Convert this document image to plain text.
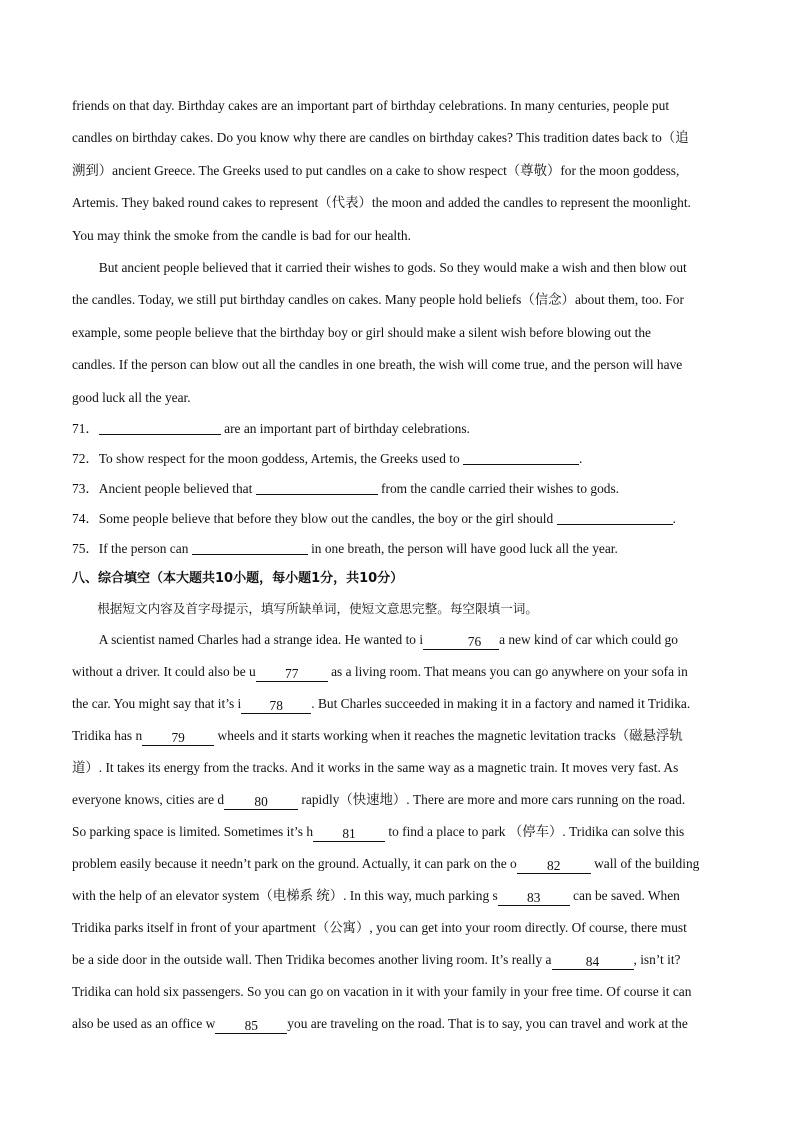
friends on that day. Birthday cakes are an important part of birthday celebrations. In many centuries, people put

candles on birthday cakes. Do you know why there are candles on birthday cakes? This tradition dates back to（追

溯到）ancient Greece. The Greeks used to put candles on a cake to show respect（尊敬）for the moon goddess,

Artemis. They baked round cakes to represent（代表）the moon and added the candles to represent the moonlight.

You may think the smoke from the candle is bad for our health.

But ancient people believed that it carried their wishes to gods. So they would make a wish and then blow out

the candles. Today, we still put birthday candles on cakes. Many people hold beliefs（信念）about them, too. For

example, some people believe that the birthday boy or girl should make a silent wish before blowing out the

candles. If the person can blow out all the candles in one breath, the wish will come true, and the person will have

good luck all the year.

71．	are an important part of birthday celebrations.

72．To show respect for the moon goddess, Artemis, the Greeks used to	.

73．Ancient people believed that	from the candle carried their wishes to gods.

74．Some people believe that before they blow out the candles, the boy or the girl should	.

75．If the person can	in one breath, the person will have good luck all the year.

八、综合填空（本大题共10小题，每小题1分，共10分）

根据短文内容及首字母提示，填写所缺单词，使短文意思完整。每空限填一词。

A scientist named Charles had a strange idea. He wanted to i	76 a new kind of car which could go

without a driver. It could also be u 77 as a living room. That means you can go anywhere on your sofa in

the car. You might say that it’s i 78 . But Charles succeeded in making it in a factory and named it Tridika.

Tridika has n 79 wheels and it starts working when it reaches the magnetic levitation tracks（磁悬浮轨

道）. It takes its energy from the tracks. And it works in the same way as a magnetic train. It moves very fast. As

everyone knows, cities are d 80 rapidly（快速地）. There are more and more cars running on the road.

So parking space is limited. Sometimes it’s h 81 to find a place to park （停车）. Tridika can solve this

problem easily because it needn’t park on the ground. Actually, it can park on the o 82 wall of the building

with the help of an elevator system（电梯系 统）. In this way, much parking s 83 can be saved. When

Tridika parks itself in front of your apartment（公寓）, you can get into your room directly. Of course, there must

be a side door in the outside wall. Then Tridika becomes another living room. It’s really a	84	, isn’t it?

Tridika can hold six passengers. So you can go on vacation in it with your family in your free time. Of course it can

also be used as an office w 85 you are traveling on the road. That is to say, you can travel and work at the
